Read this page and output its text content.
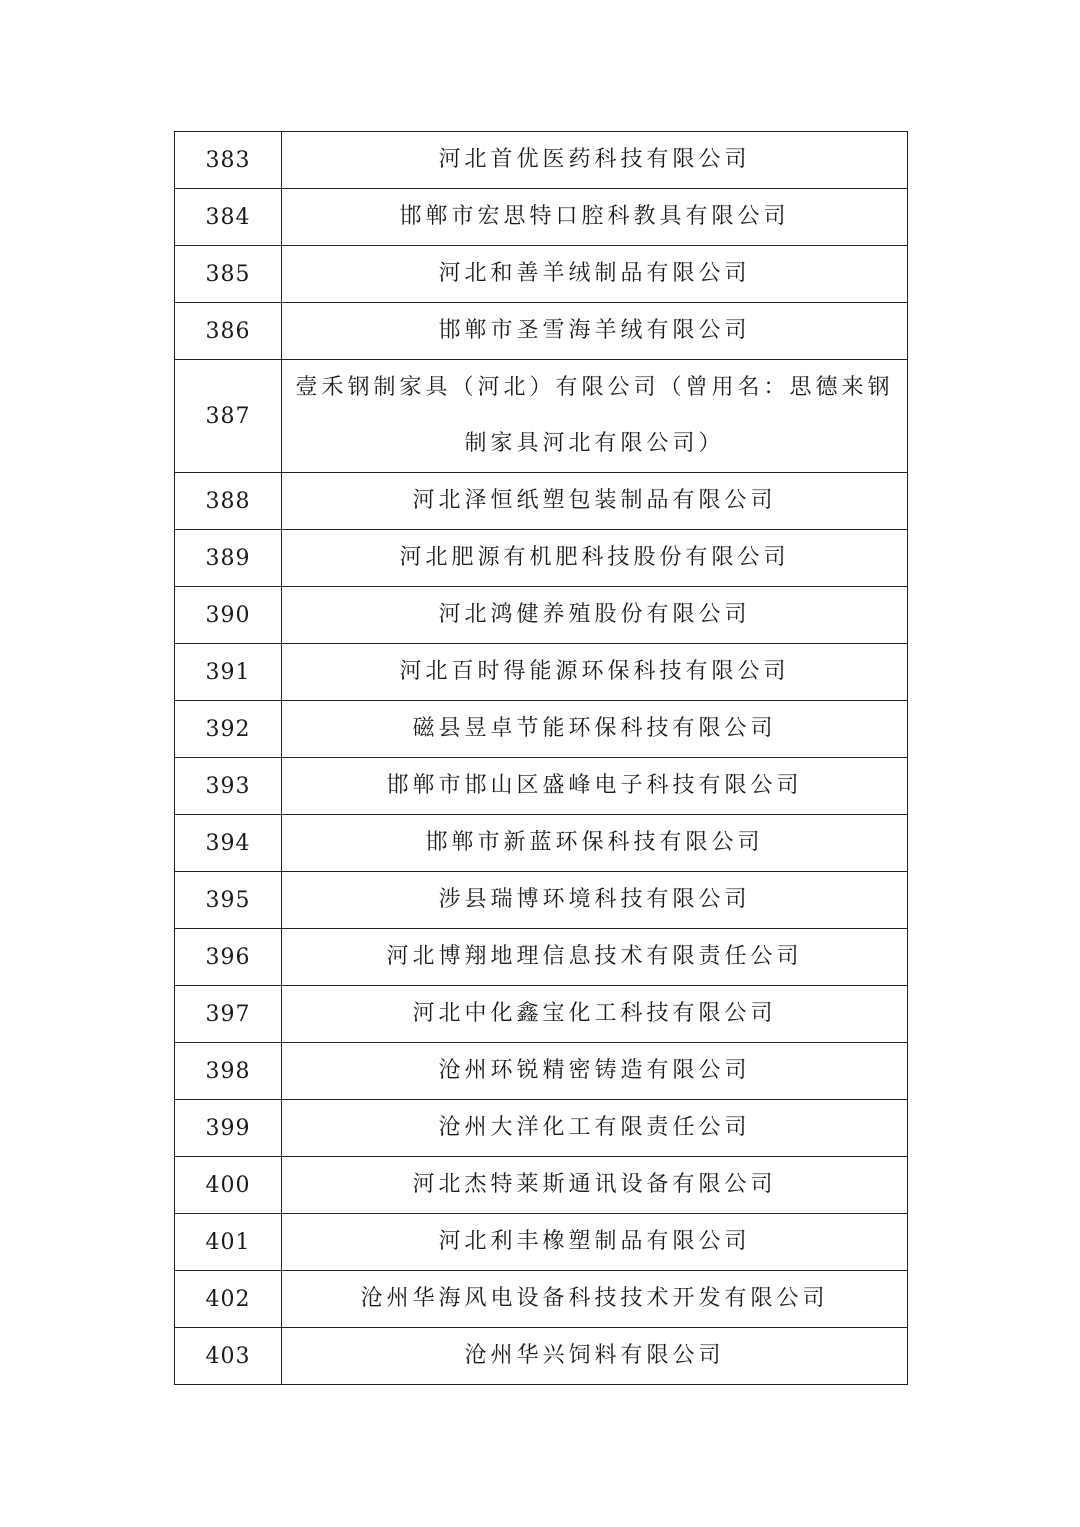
383	河北首优医药科技有限公司
384	邯郸市宏思特口腔科教具有限公司
385	河北和善羊绒制品有限公司
386	邯郸市圣雪海羊绒有限公司
387	壹禾钢制家具（河北）有限公司（曾用名：思德来钢制家具河北有限公司）
388	河北泽恒纸塑包装制品有限公司
389	河北肥源有机肥科技股份有限公司
390	河北鸿健养殖股份有限公司
391	河北百时得能源环保科技有限公司
392	磁县昱卓节能环保科技有限公司
393	邯郸市邯山区盛峰电子科技有限公司
394	邯郸市新蓝环保科技有限公司
395	涉县瑞博环境科技有限公司
396	河北博翔地理信息技术有限责任公司
397	河北中化鑫宝化工科技有限公司
398	沧州环锐精密铸造有限公司
399	沧州大洋化工有限责任公司
400	河北杰特莱斯通讯设备有限公司
401	河北利丰橡塑制品有限公司
402	沧州华海风电设备科技技术开发有限公司
403	沧州华兴饲料有限公司
